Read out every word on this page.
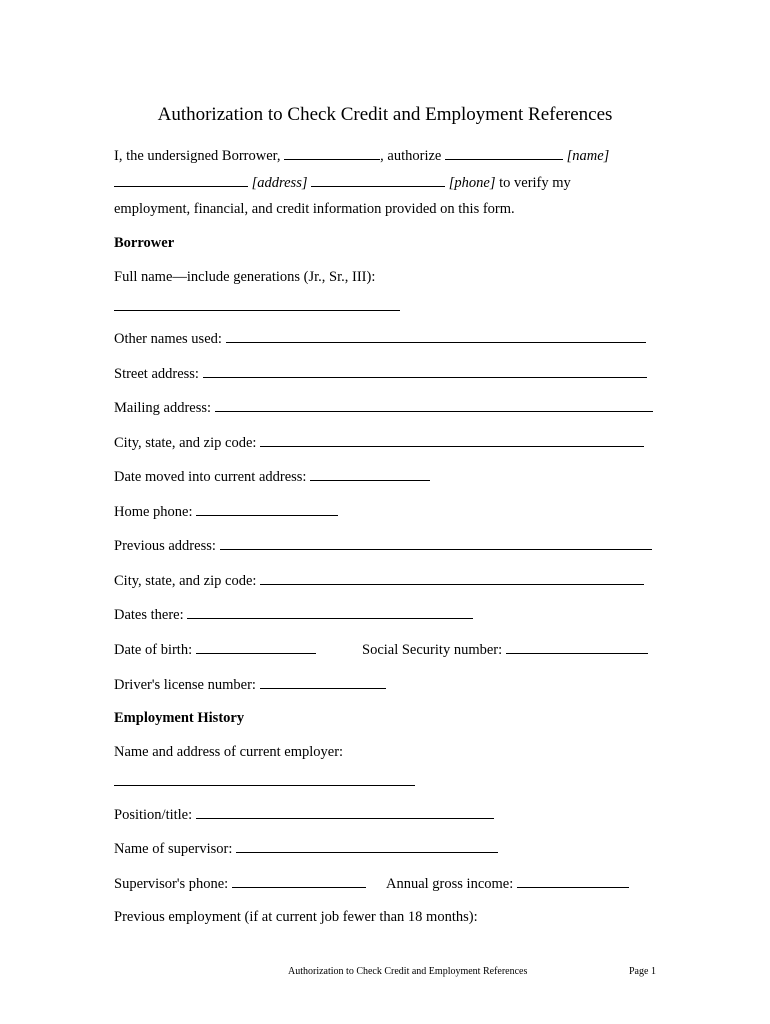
Authorization to Check Credit and Employment References
I, the undersigned Borrower,	, authorize	[name]
[address]	[phone] to verify my
employment, financial, and credit information provided on this form.
Borrower
Full name—include generations (Jr., Sr., III):
Other names used:
Street address:
Mailing address:
City, state, and zip code:
Date moved into current address:
Home phone:
Previous address:
City, state, and zip code:
Dates there:
Date of birth:	Social Security number:
Driver's license number:
Employment History
Name and address of current employer:
Position/title:
Name of supervisor:
Supervisor's phone:	Annual gross income:
Previous employment (if at current job fewer than 18 months):
Authorization to Check Credit and Employment References	Page 1
